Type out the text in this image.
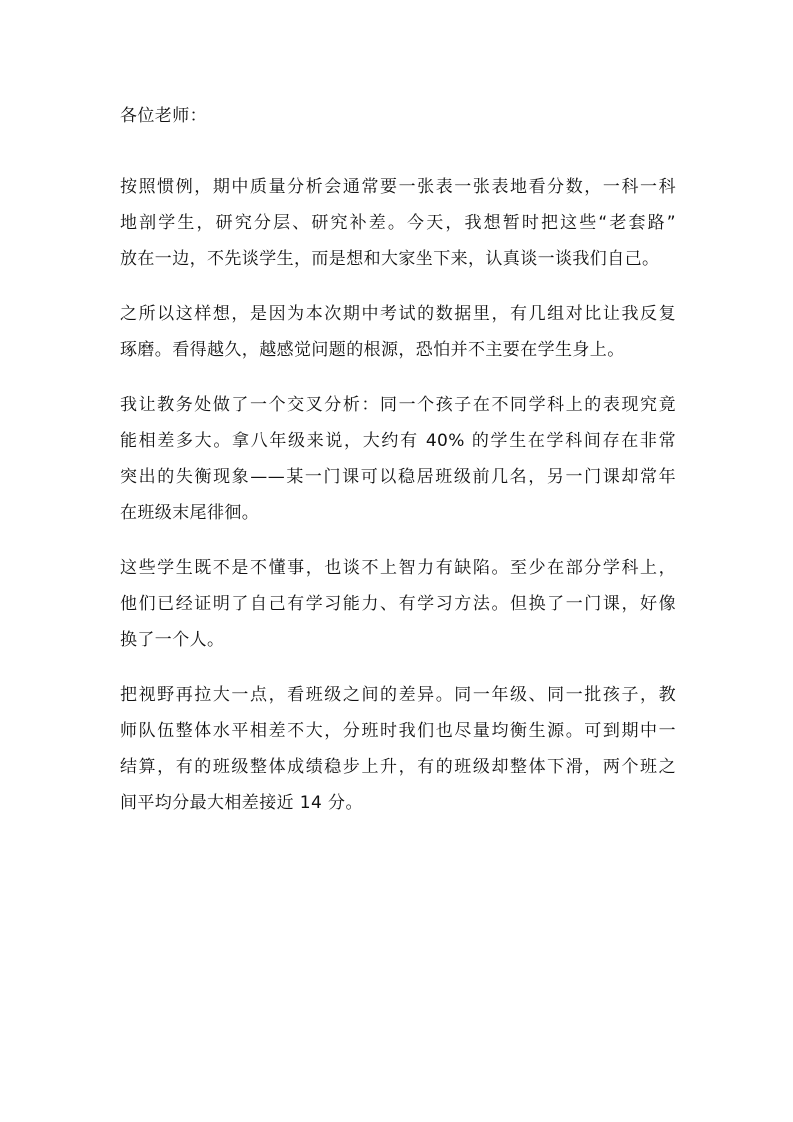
各位老师：

按照惯例，期中质量分析会通常要一张表一张表地看分数，一科一科
地剖学生，研究分层、研究补差。今天，我想暂时把这些“老套路”
放在一边，不先谈学生，而是想和大家坐下来，认真谈一谈我们自己。

之所以这样想，是因为本次期中考试的数据里，有几组对比让我反复
琢磨。看得越久，越感觉问题的根源，恐怕并不主要在学生身上。

我让教务处做了一个交叉分析：同一个孩子在不同学科上的表现究竟
能相差多大。拿八年级来说，大约有 40% 的学生在学科间存在非常
突出的失衡现象——某一门课可以稳居班级前几名，另一门课却常年
在班级末尾徘徊。

这些学生既不是不懂事，也谈不上智力有缺陷。至少在部分学科上，
他们已经证明了自己有学习能力、有学习方法。但换了一门课，好像
换了一个人。

把视野再拉大一点，看班级之间的差异。同一年级、同一批孩子，教
师队伍整体水平相差不大，分班时我们也尽量均衡生源。可到期中一
结算，有的班级整体成绩稳步上升，有的班级却整体下滑，两个班之
间平均分最大相差接近 14 分。
